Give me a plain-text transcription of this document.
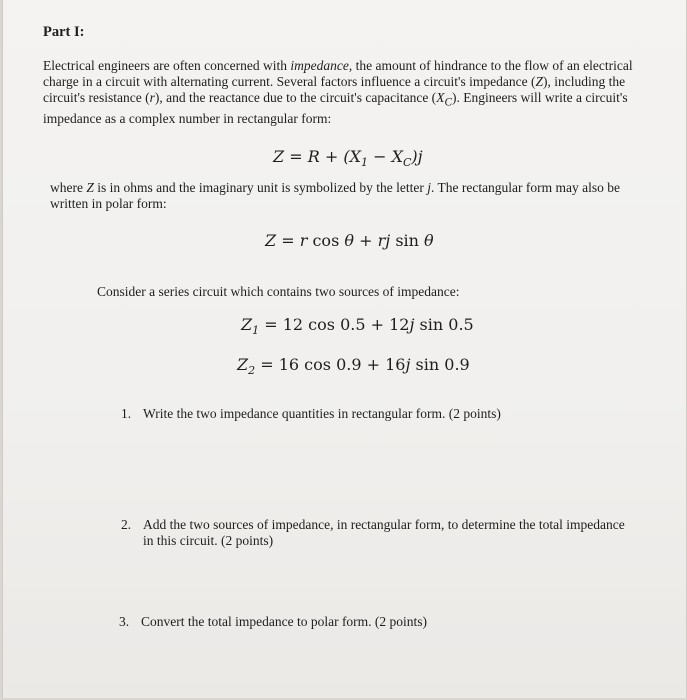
Part I:

Electrical engineers are often concerned with impedance, the amount of hindrance to the flow of an electrical charge in a circuit with alternating current. Several factors influence a circuit's impedance (Z), including the circuit's resistance (r), and the reactance due to the circuit's capacitance $(X_C)$. Engineers will write a circuit's impedance as a complex number in rectangular form:

$Z = R + (X_1 - X_C)j$
where Z is in ohms and the imaginary unit is symbolized by the letter j. The rectangular form may also be written in polar form:
Z = r cos θ + rj sin θ
Consider a series circuit which contains two sources of impedance:
$Z_1 = 12$ cos 0.5 + 12j sin 0.5
$Z_2 = 16$ cos 0.9 + 16j sin 0.9
1. Write the two impedance quantities in rectangular form. (2 points)
2. Add the two sources of impedance, in rectangular form, to determine the total impedance
in this circuit. (2 points)
3. Convert the total impedance to polar form. (2 points)
